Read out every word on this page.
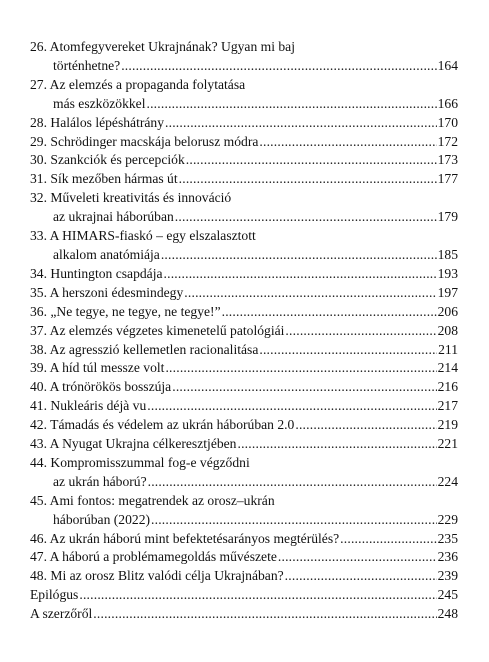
26. Atomfegyvereket Ukrajnának? Ugyan mi baj
történhetne? .....	164
27. Az elemzés a propaganda folytatása
más eszközökkel .....	166
28. Halálos lépéshátrány .....	170
29. Schrödinger macskája belorusz módra .....	172
30. Szankciók és percepciók .....	173
31. Sík mezőben hármas út .....	177
32. Műveleti kreativitás és innováció
az ukrajnai háborúban .....	179
33. A HIMARS-fiaskó – egy elszalasztott
alkalom anatómiája .....	185
34. Huntington csapdája .....	193
35. A herszoni édesmindegy .....	197
36. „Ne tegye, ne tegye, ne tegye!” .....	206
37. Az elemzés végzetes kimenetelű patológiái .....	208
38. Az agresszió kellemetlen racionalitása .....	211
39. A híd túl messze volt .....	214
40. A trónörökös bosszúja .....	216
41. Nukleáris déjà vu .....	217
42. Támadás és védelem az ukrán háborúban 2.0 .....	219
43. A Nyugat Ukrajna célkeresztjében .....	221
44. Kompromisszummal fog-e végződni
az ukrán háború? .....	224
45. Ami fontos: megatrendek az orosz–ukrán
háborúban (2022) .....	229
46. Az ukrán háború mint befektetésarányos megtérülés? .....	235
47. A háború a problémamegoldás művészete .....	236
48. Mi az orosz Blitz valódi célja Ukrajnában? .....	239
Epilógus .....	245
A szerzőről .....	248
